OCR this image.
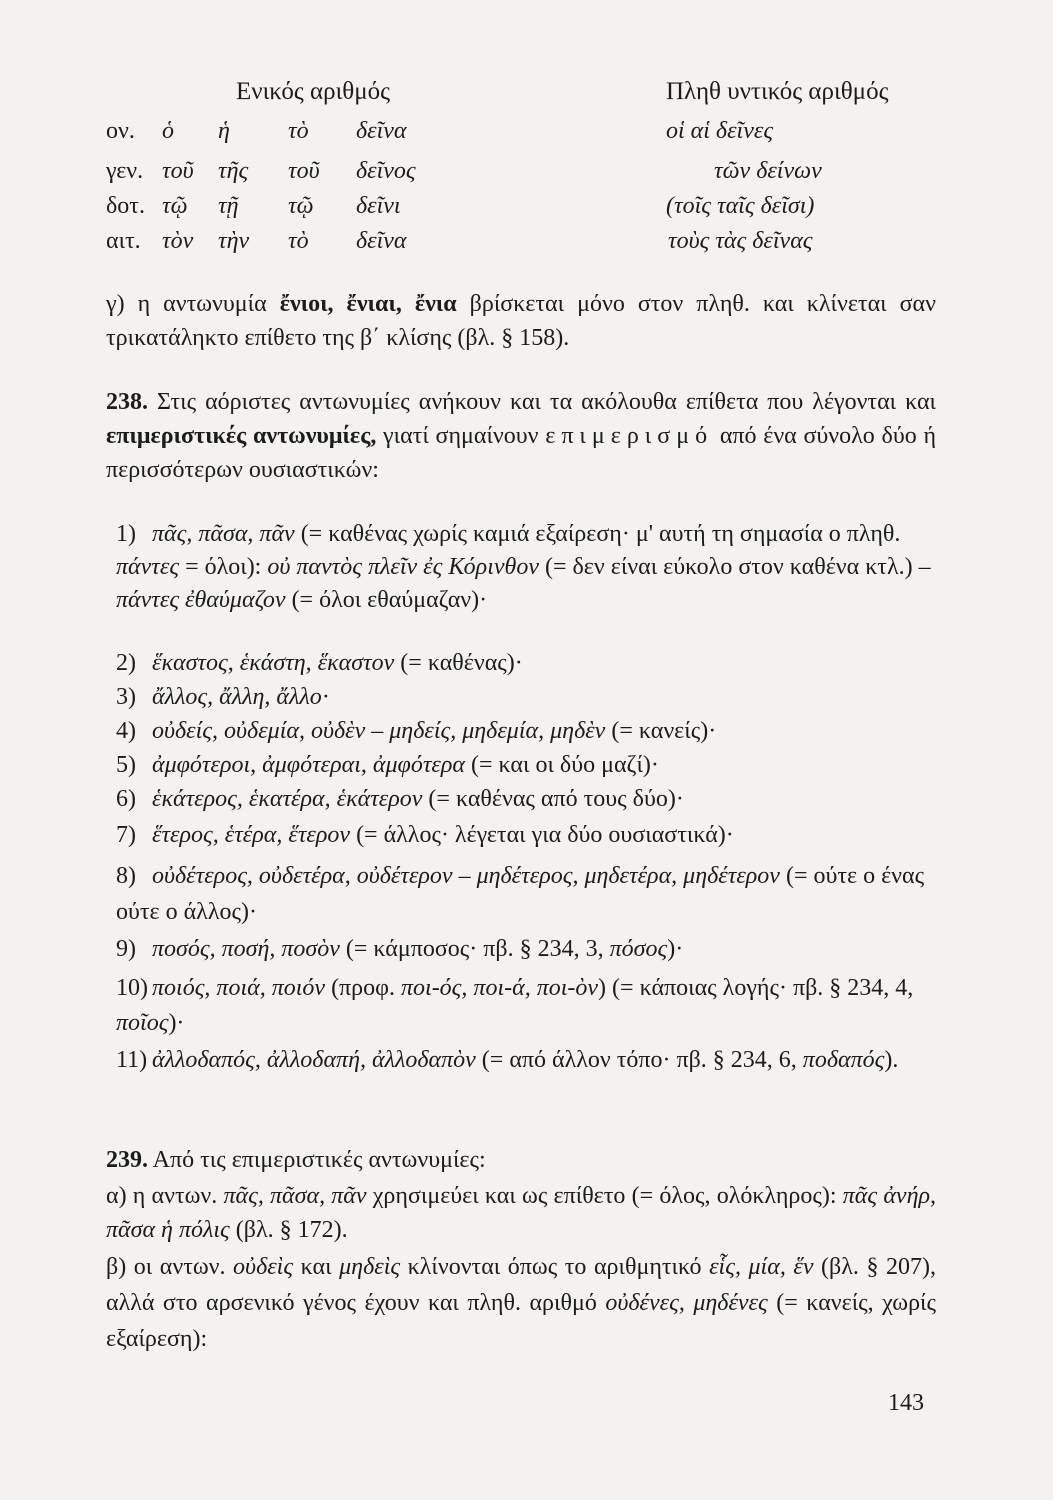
Ενικός αριθμός	Πληθ υντικός αριθμός
ον. ὁ ἡ τὸ δεῖνα	οἱ αἱ δεῖνες
γεν. τοῦ τῆς τοῦ δεῖνος	τῶν δείνων
δοτ. τῷ τῇ τῷ δεῖνι	(τοῖς ταῖς δεῖσι)
αιτ. τὸν τὴν τὸ δεῖνα	τοὺς τὰς δεῖνας
γ) η αντωνυμία ἔνιοι, ἔνιαι, ἔνια βρίσκεται μόνο στον πληθ. και κλίνεται σαν τρικατάληκτο επίθετο της β΄ κλίσης (βλ. § 158).
238. Στις αόριστες αντωνυμίες ανήκουν και τα ακόλουθα επίθετα που λέγονται και επιμεριστικές αντωνυμίες, γιατί σημαίνουν επιμερισμό από ένα σύνολο δύο ή περισσότερων ουσιαστικών:
1) πᾶς, πᾶσα, πᾶν (= καθένας χωρίς καμιά εξαίρεση· μ' αυτή τη σημασία ο πληθ. πάντες = όλοι): οὐ παντὸς πλεῖν ἐς Κόρινθον (= δεν είναι εύκολο στον καθένα κτλ.) – πάντες ἐθαύμαζον (= όλοι εθαύμαζαν)·
2) ἕκαστος, ἑκάστη, ἕκαστον (= καθένας)·
3) ἄλλος, ἄλλη, ἄλλο·
4) οὐδείς, οὐδεμία, οὐδὲν – μηδείς, μηδεμία, μηδὲν (= κανείς)·
5) ἀμφότεροι, ἀμφότεραι, ἀμφότερα (= και οι δύο μαζί)·
6) ἑκάτερος, ἑκατέρα, ἑκάτερον (= καθένας από τους δύο)·
7) ἕτερος, ἑτέρα, ἕτερον (= άλλος· λέγεται για δύο ουσιαστικά)·
8) οὐδέτερος, οὐδετέρα, οὐδέτερον – μηδέτερος, μηδετέρα, μηδέτερον (= ούτε ο ένας ούτε ο άλλος)·
9) ποσός, ποσή, ποσὸν (= κάμποσος· πβ. § 234, 3, πόσος)·
10) ποιός, ποιά, ποιόν (προφ. ποι-ός, ποι-ά, ποι-ὸν) (= κάποιας λογής· πβ. § 234, 4, ποῖος)·
11) ἀλλοδαπός, ἀλλοδαπή, ἀλλοδαπὸν (= από άλλον τόπο· πβ. § 234, 6, ποδαπός).
239. Από τις επιμεριστικές αντωνυμίες:
α) η αντων. πᾶς, πᾶσα, πᾶν χρησιμεύει και ως επίθετο (= όλος, ολόκληρος): πᾶς ἀνήρ, πᾶσα ἡ πόλις (βλ. § 172).
β) οι αντων. οὐδεὶς και μηδεὶς κλίνονται όπως το αριθμητικό εἷς, μία, ἕν (βλ. § 207), αλλά στο αρσενικό γένος έχουν και πληθ. αριθμό οὐδένες, μηδένες (= κανείς, χωρίς εξαίρεση):
143
